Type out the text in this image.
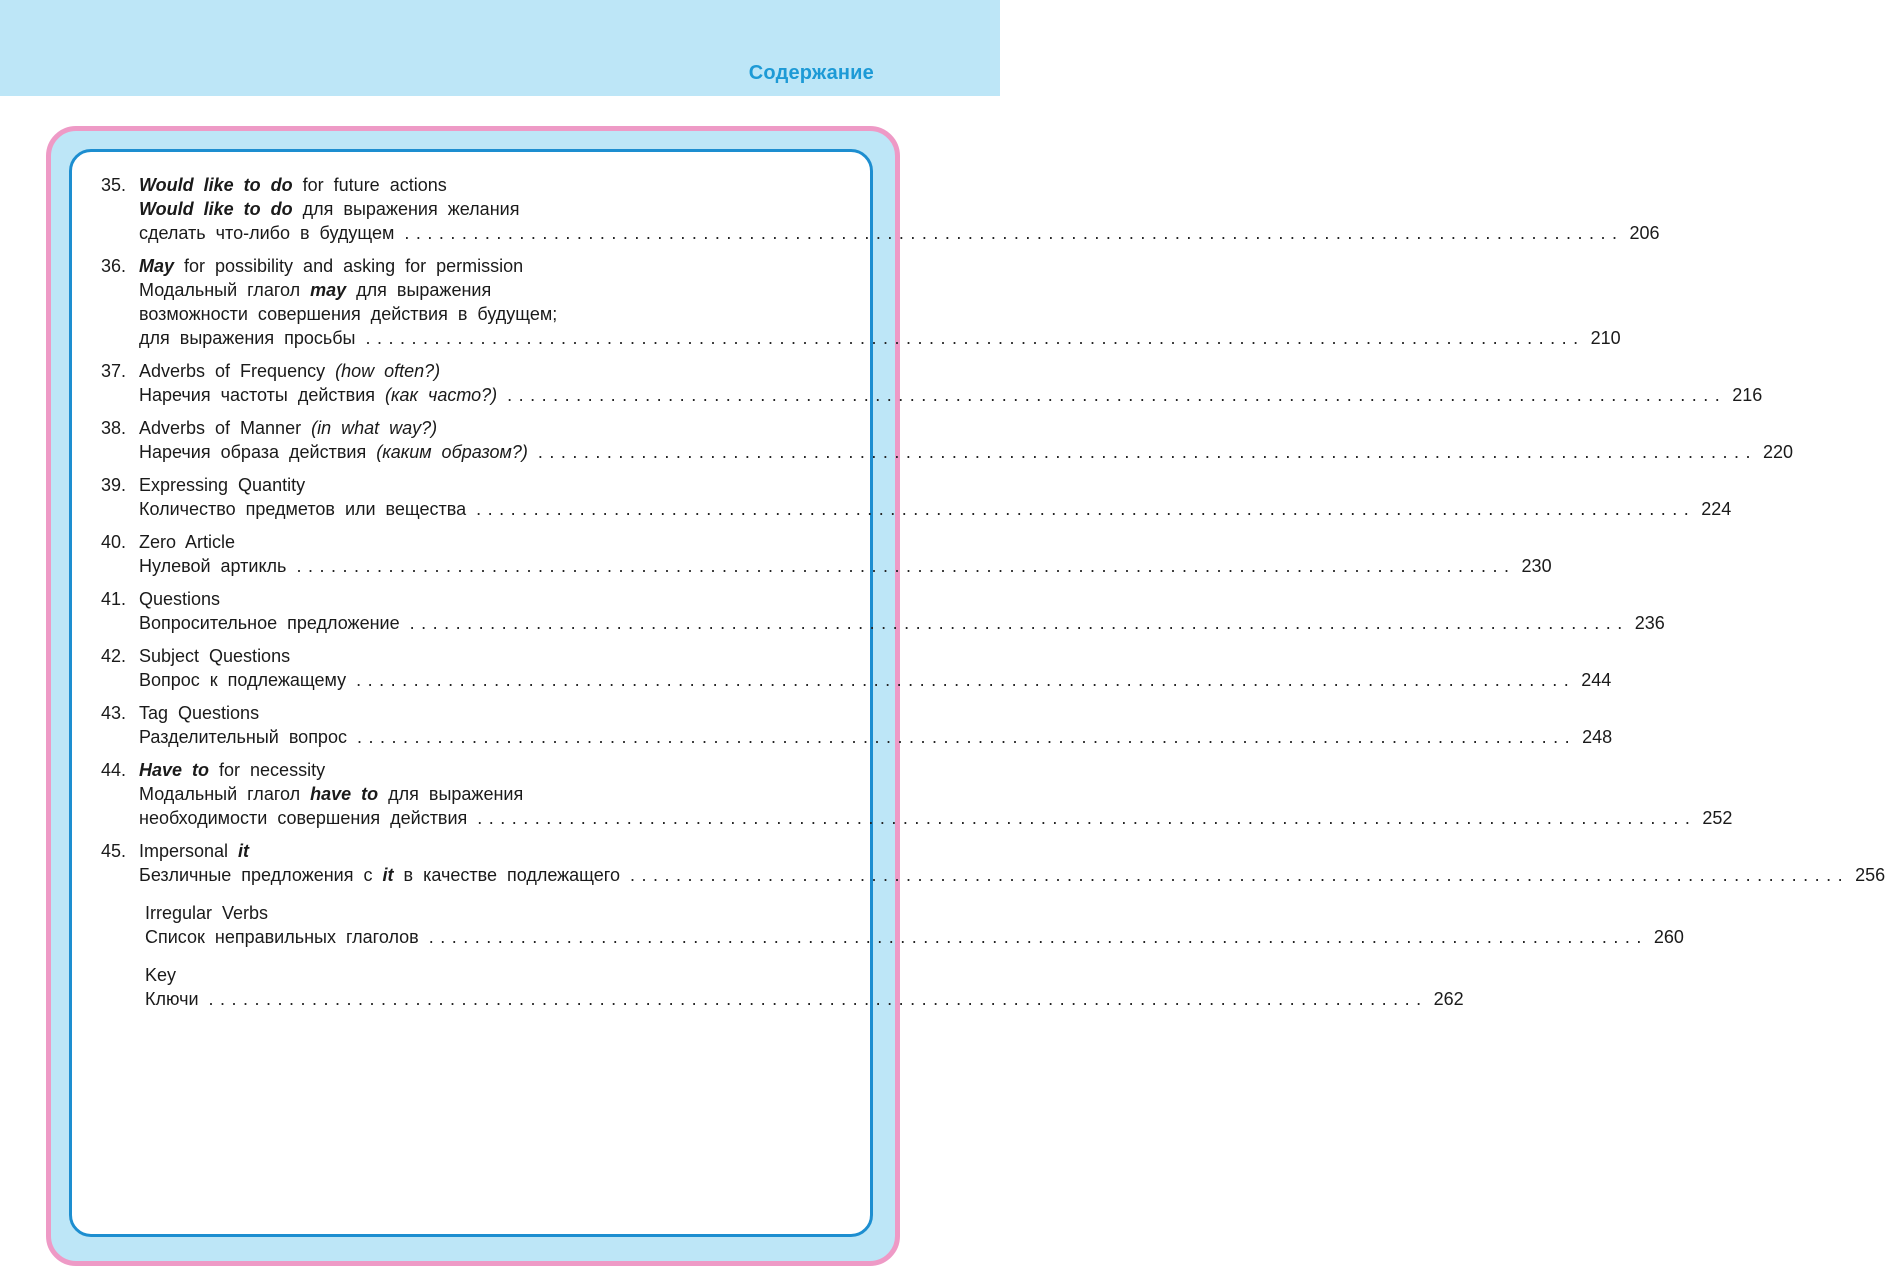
Содержание
35. Would like to do for future actions
Would like to do для выражения желания
сделать что-либо в будущем .......................................................................................................... 206
36. May for possibility and asking for permission
Модальный глагол may для выражения
возможности совершения действия в будущем;
для выражения просьбы .......................................................................................................... 210
37. Adverbs of Frequency (how often?)
Наречия частоты действия (как часто?) .......................................................................................................... 216
38. Adverbs of Manner (in what way?)
Наречия образа действия (каким образом?) .......................................................................................................... 220
39. Expressing Quantity
Количество предметов или вещества .......................................................................................................... 224
40. Zero Article
Нулевой артикль .......................................................................................................... 230
41. Questions
Вопросительное предложение .......................................................................................................... 236
42. Subject Questions
Вопрос к подлежащему .......................................................................................................... 244
43. Tag Questions
Разделительный вопрос .......................................................................................................... 248
44. Have to for necessity
Модальный глагол have to для выражения
необходимости совершения действия .......................................................................................................... 252
45. Impersonal it
Безличные предложения с it в качестве подлежащего .......................................................................................................... 256
Irregular Verbs
Список неправильных глаголов .......................................................................................................... 260
Key
Ключи .......................................................................................................... 262
